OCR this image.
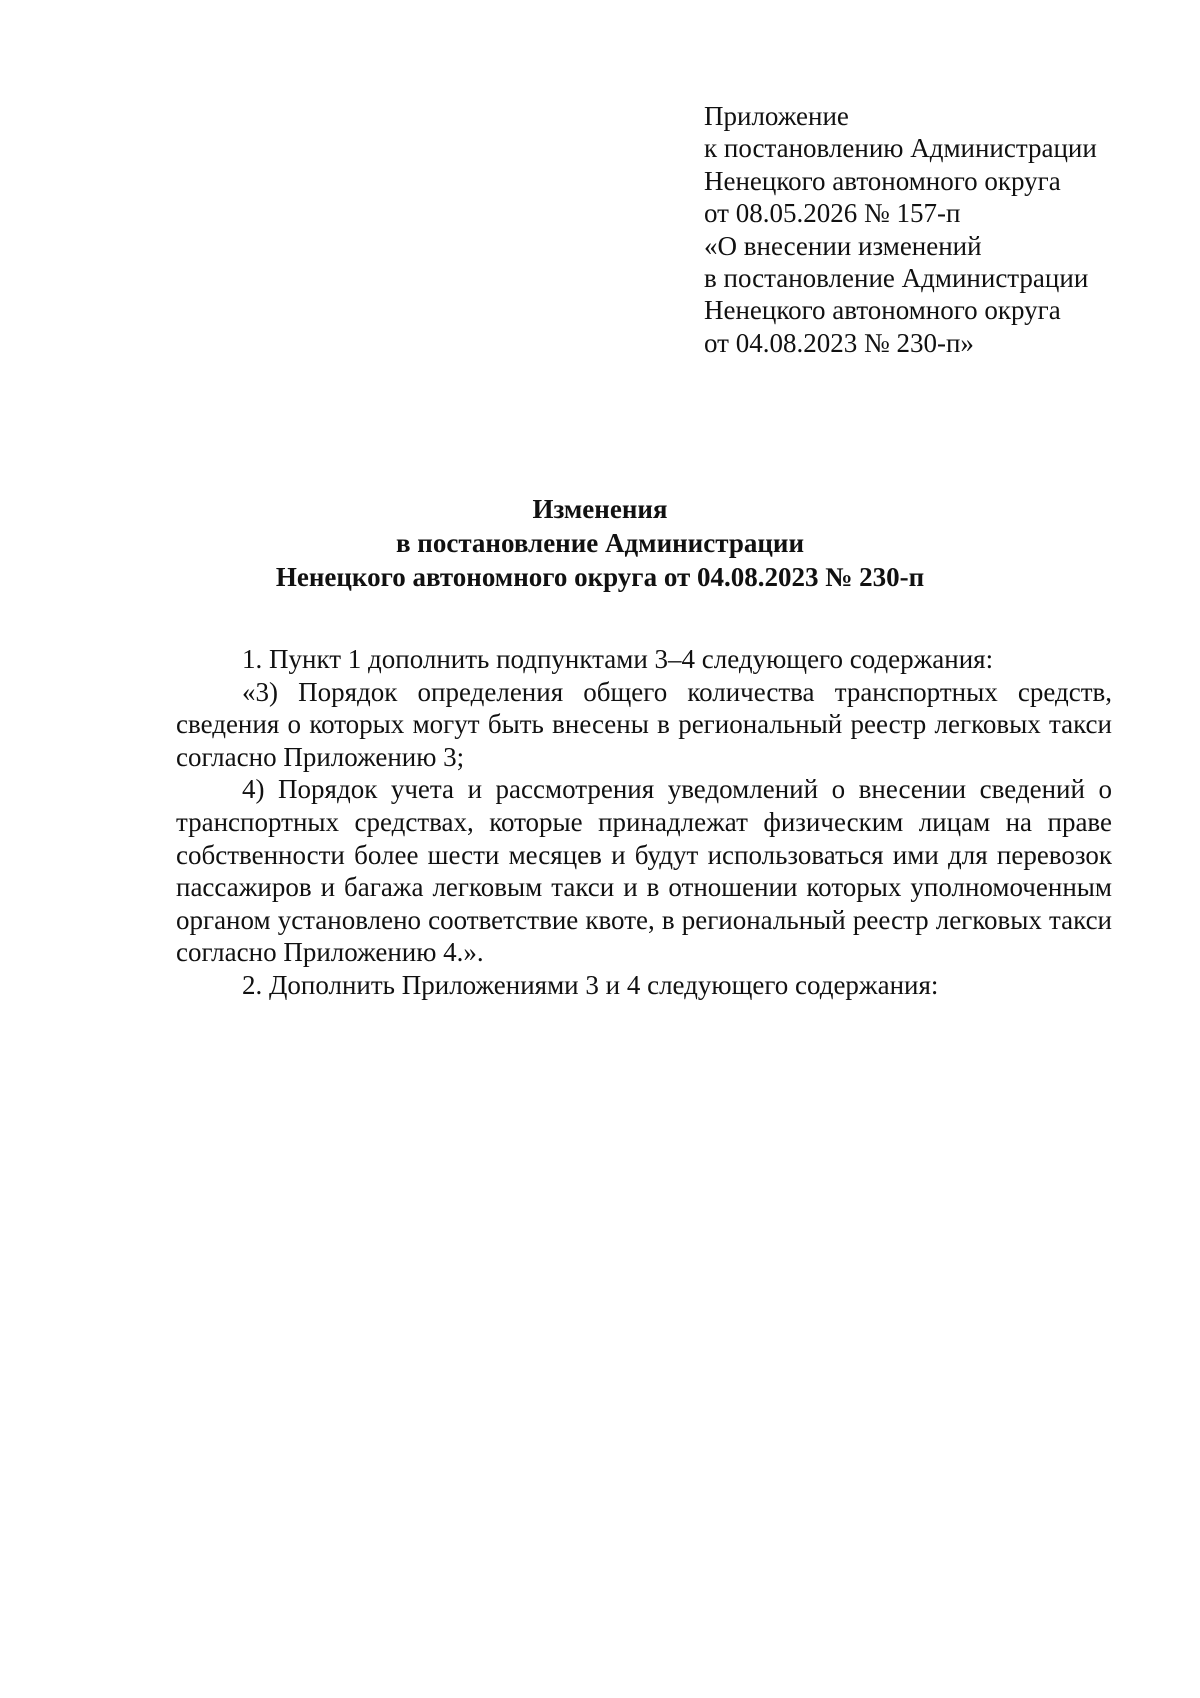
Приложение
к постановлению Администрации
Ненецкого автономного округа
от 08.05.2026 № 157-п
«О внесении изменений
в постановление Администрации
Ненецкого автономного округа
от 04.08.2023 № 230-п»
Изменения
в постановление Администрации
Ненецкого автономного округа от 04.08.2023 № 230-п

1. Пункт 1 дополнить подпунктами 3–4 следующего содержания:

«3) Порядок определения общего количества транспортных средств, сведения о которых могут быть внесены в региональный реестр легковых такси согласно Приложению 3;

4) Порядок учета и рассмотрения уведомлений о внесении сведений о транспортных средствах, которые принадлежат физическим лицам на праве собственности более шести месяцев и будут использоваться ими для перевозок пассажиров и багажа легковым такси и в отношении которых уполномоченным органом установлено соответствие квоте, в региональный реестр легковых такси согласно Приложению 4.».

2. Дополнить Приложениями 3 и 4 следующего содержания:
